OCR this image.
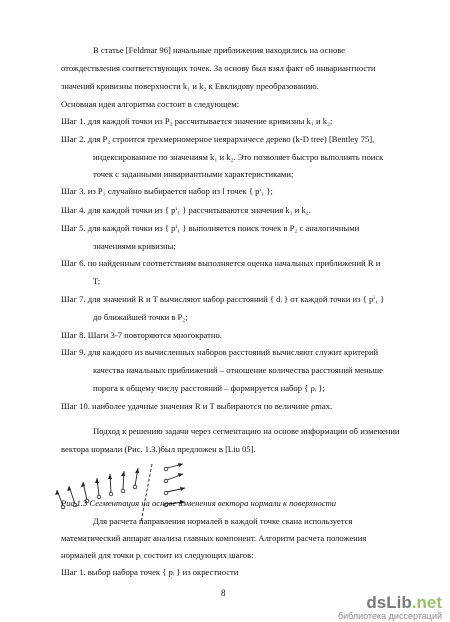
В статье [Feldmar 96] начальные приближения находились на основе
отождествления соответствующих точек. За основу был взял факт об инвариантности
значений кривизны поверхности k₁ и k₂ к Евклидову преобразованию.
Основная идея алгоритма состоит в следующем:
Шаг 1. для каждой точки из P₂ рассчитывается значение кривизны k₁ и k₂;
Шаг 2. для P₂ строится трехмерномерное неярархичесе дерево (k-D tree) [Bentley 75],
индексированное по значениям k₁ и k₂. Это позволяет быстро выполнять поиск
точек с заданными инвариантными характеристиками;
Шаг 3. из P₁ случайно выбирается набор из l точек { pⁱ₁ };
Шаг 4. для каждой точки из { pⁱ₁ } рассчитываются значения k₁ и k₂.
Шаг 5. для каждой точки из { pⁱ₁ } выполняется поиск точек в P₂ с аналогичными
значениями кривизны;
Шаг 6. по найденным соответствиям выполняется оценка начальных приближений R и
T;
Шаг 7. для значений R и T вычисляют набор расстояний { dᵢ } от каждой точки из { pⁱ₁ }
до ближайшей точки в P₂;
Шаг 8. Шаги 3-7 повторяются многократно.
Шаг 9. для каждого из вычисленных наборов расстояний вычисляют служит критерий
качества начальных приближений – отношение количества расстояний меньше
порога к общему числу расстояний – формируется набор { ρᵢ };
Шаг 10. наиболее удачные значения R и T выбираются по величине ρmax.
Подход к решению задачи через сегментацию на основе информации об изменении
вектора нормали (Рис. 1.3.)был предложен в [Liu 05].
Рис.1.3 Сегментация на основе изменения вектора нормали к поверхности
Для расчета направления нормалей в каждой точке скана используется
математический аппарат анализа главных компонент. Алгоритм расчета положения
нормалей для точки pᵢ состоит из следующих шагов:
Шаг 1. выбор набора точек { pᵢ } из окрестности
8	dsLib.net
библиотека диссертаций
